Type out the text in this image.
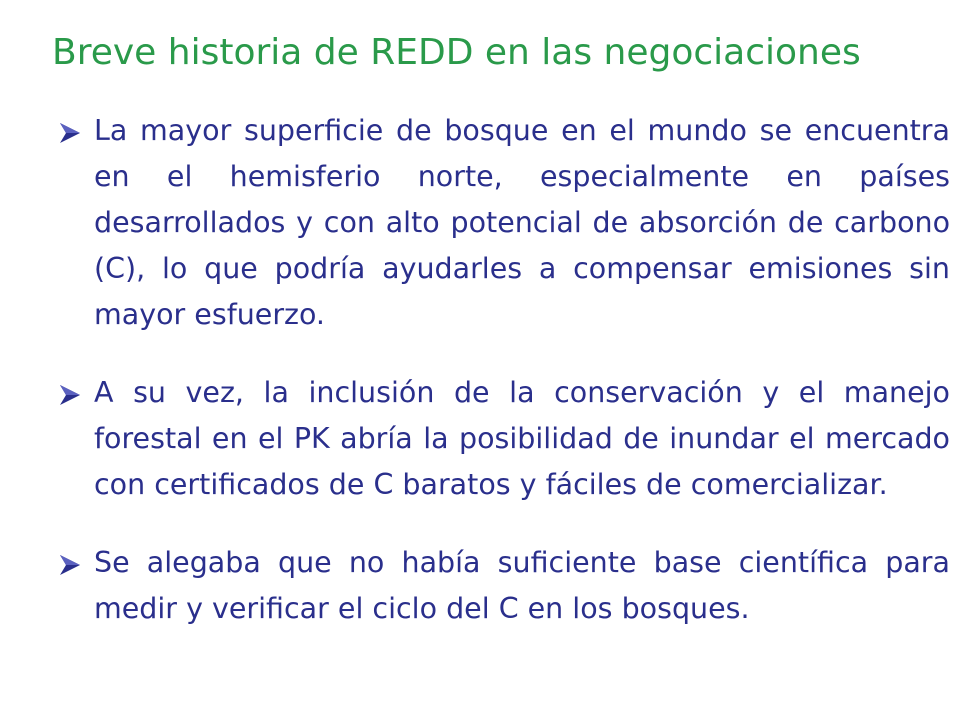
Breve historia de REDD en las negociaciones
La mayor superficie de bosque en el mundo se encuentra en el hemisferio norte, especialmente en países desarrollados y con alto potencial de absorción de carbono (C), lo que podría ayudarles a compensar emisiones sin mayor esfuerzo.
A su vez, la inclusión de la conservación y el manejo forestal en el PK abría la posibilidad de inundar el mercado con certificados de C baratos y fáciles de comercializar.
Se alegaba que no había suficiente base científica para medir y verificar el ciclo del C en los bosques.
